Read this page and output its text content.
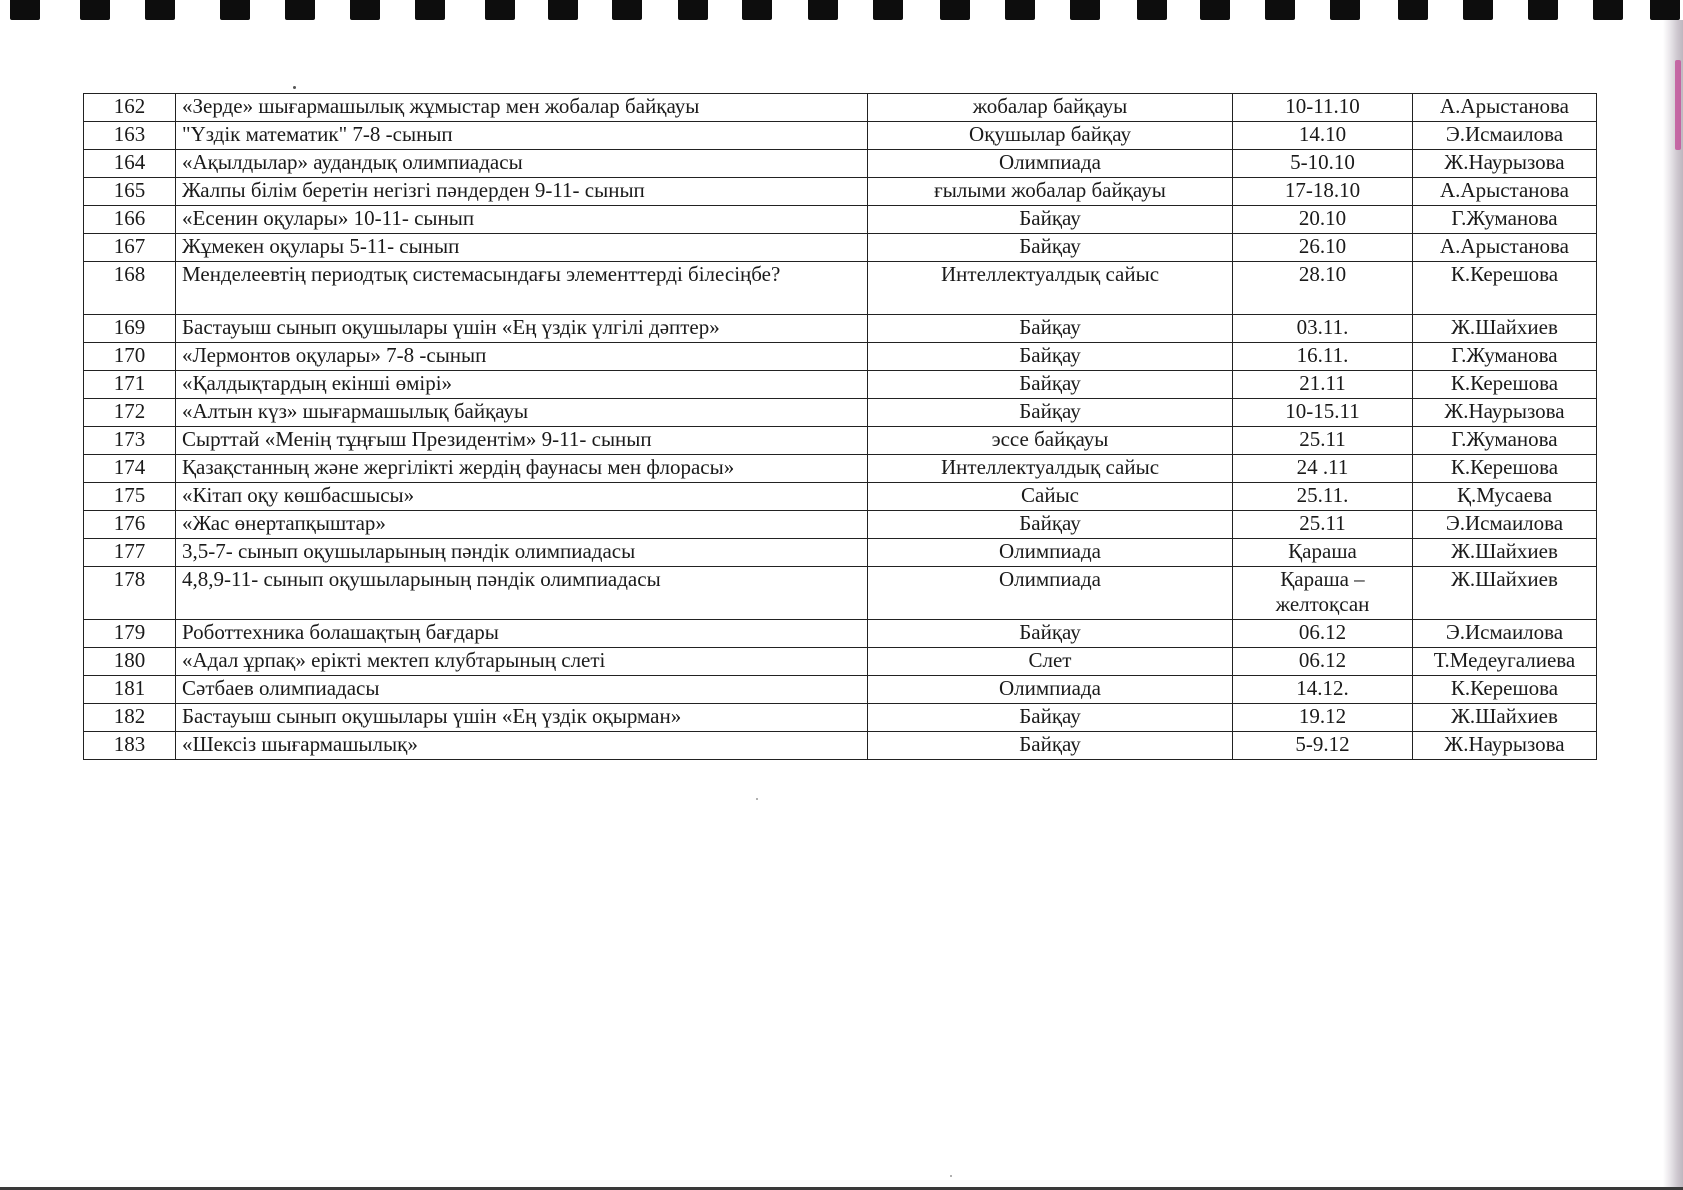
162	«Зерде» шығармашылық жұмыстар мен жобалар байқауы	жобалар байқауы	10-11.10	А.Арыстанова
163	"Үздік математик" 7-8 -сынып	Оқушылар байқау	14.10	Э.Исмаилова
164	«Ақылдылар» аудандық олимпиадасы	Олимпиада	5-10.10	Ж.Наурызова
165	Жалпы білім беретін негізгі пәндерден 9-11- сынып	ғылыми жобалар байқауы	17-18.10	А.Арыстанова
166	«Есенин оқулары» 10-11- сынып	Байқау	20.10	Г.Жуманова
167	Жұмекен оқулары 5-11- сынып	Байқау	26.10	А.Арыстанова
168	Менделеевтің периодтық системасындағы элементтерді білесіңбе?	Интеллектуалдық сайыс	28.10	К.Керешова
169	Бастауыш сынып оқушылары үшін «Ең үздік үлгілі дәптер»	Байқау	03.11.	Ж.Шайхиев
170	«Лермонтов оқулары» 7-8 -сынып	Байқау	16.11.	Г.Жуманова
171	«Қалдықтардың екінші өмірі»	Байқау	21.11	К.Керешова
172	«Алтын күз» шығармашылық байқауы	Байқау	10-15.11	Ж.Наурызова
173	Сырттай «Менің тұңғыш Президентім» 9-11- сынып	эссе байқауы	25.11	Г.Жуманова
174	Қазақстанның және жергілікті жердің фаунасы мен флорасы»	Интеллектуалдық сайыс	24 .11	К.Керешова
175	«Кітап оқу көшбасшысы»	Сайыс	25.11.	Қ.Мусаева
176	«Жас өнертапқыштар»	Байқау	25.11	Э.Исмаилова
177	3,5-7- сынып оқушыларының пәндік олимпиадасы	Олимпиада	Қараша	Ж.Шайхиев
178	4,8,9-11- сынып оқушыларының пәндік олимпиадасы	Олимпиада	Қараша – желтоқсан	Ж.Шайхиев
179	Роботтехника болашақтың бағдары	Байқау	06.12	Э.Исмаилова
180	«Адал ұрпақ» ерікті мектеп клубтарының слеті	Слет	06.12	Т.Медеугалиева
181	Сәтбаев олимпиадасы	Олимпиада	14.12.	К.Керешова
182	Бастауыш сынып оқушылары үшін «Ең үздік оқырман»	Байқау	19.12	Ж.Шайхиев
183	«Шексіз шығармашылық»	Байқау	5-9.12	Ж.Наурызова
